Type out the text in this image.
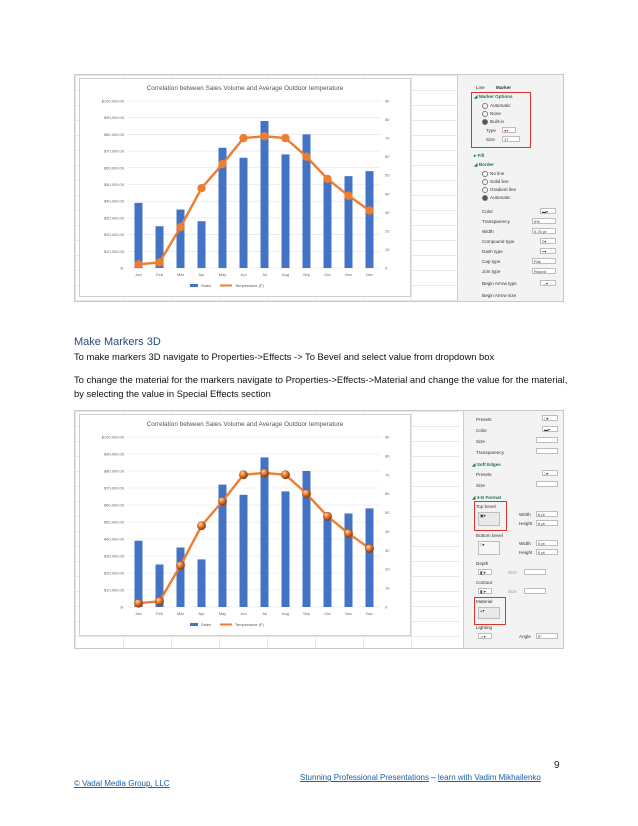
Correlation between Sales Volume and Average Outdoor temperature
$100,000.00
$90,000.00
$80,000.00
$70,000.00
$60,000.00
$50,000.00
$40,000.00
$30,000.00
$20,000.00
$10,000.00
$-
90
80
70
60
50
40
30
20
10
0
Jan	Feb	Mar	Apr	May	Jun	Jul	Aug	Sep	Oct	Nov	Dec
Sales	Temperature (F)
Line Marker
◢ Marker Options
Automatic
None
Built-in
Type	●▾
Size	17
▸ Fill
◢ Border
No line
Solid line
Gradient line
Automatic
Color	▬▾
Transparency	0%
Width	0.75 pt
Compound type	≡▾
Dash type	┅▾
Cap type	Flat
Join type	Round
Begin Arrow type	→▾
Begin Arrow size
Make Markers 3D
To make markers 3D navigate to Properties->Effects -> To Bevel and select value from dropdown box
To change the material for the markers navigate to Properties->Effects->Material and change the value for the material, by selecting the value in Special Effects section
Correlation between Sales Volume and Average Outdoor temperature
$100,000.00
$90,000.00
$80,000.00
$70,000.00
$60,000.00
$50,000.00
$40,000.00
$30,000.00
$20,000.00
$10,000.00
$-
90
80
70
60
50
40
30
20
10
0
Jan	Feb	Mar	Apr	May	Jun	Jul	Aug	Sep	Oct	Nov	Dec
Sales	Temperature (F)
Presets	□▾
Color	▬▾
Size
Transparency
◢ Soft Edges
Presets	□▾
Size
◢ 3-D Format
Top bevel
▣▾	Width	6 pt
Height	6 pt
Bottom bevel
□▾	Width	0 pt
Height	0 pt
Depth
◧▾	Size
Contour
◧▾	Size
Material
◒▾
Lighting
☼▾	Angle	0°
9
© Vadal Media Group, LLC
Stunning Professional Presentations – learn with Vadim Mikhailenko
